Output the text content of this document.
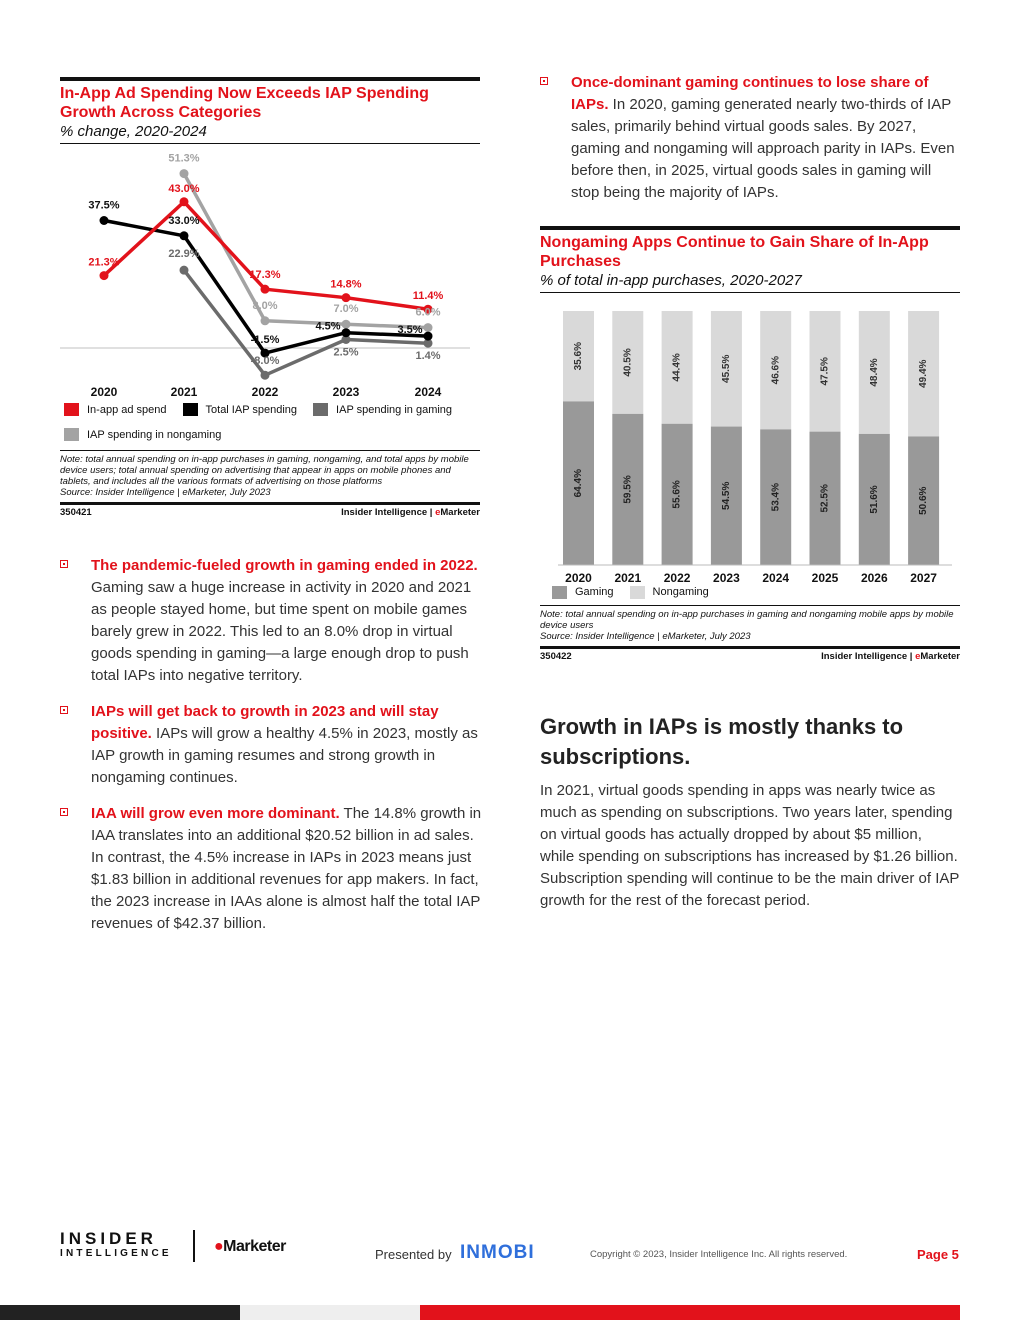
In-App Ad Spending Now Exceeds IAP Spending Growth Across Categories
% change, 2020-2024
2020	2021	2022	2023	2024
51.3%
8.0%	7.0%	6.0%
22.9%
-8.0%
2.5%	1.4%
37.5%
33.0%
-1.5%
4.5%	3.5%
21.3%
43.0%
17.3%
14.8%
11.4%
In-app ad spend	Total IAP spending	IAP spending in gaming
IAP spending in nongaming
Note: total annual spending on in-app purchases in gaming, nongaming, and total apps by mobile device users; total annual spending on advertising that appear in apps on mobile phones and tablets, and includes all the various formats of advertising on those platforms
Source: Insider Intelligence | eMarketer, July 2023
350421	Insider Intelligence | eMarketer
The pandemic-fueled growth in gaming ended in 2022. Gaming saw a huge increase in activity in 2020 and 2021 as people stayed home, but time spent on mobile games barely grew in 2022. This led to an 8.0% drop in virtual goods spending in gaming—a large enough drop to push total IAPs into negative territory.
IAPs will get back to growth in 2023 and will stay positive. IAPs will grow a healthy 4.5% in 2023, mostly as IAP growth in gaming resumes and strong growth in nongaming continues.
IAA will grow even more dominant. The 14.8% growth in IAA translates into an additional $20.52 billion in ad sales. In contrast, the 4.5% increase in IAPs in 2023 means just $1.83 billion in additional revenues for app makers. In fact, the 2023 increase in IAAs alone is almost half the total IAP revenues of $42.37 billion.
Once-dominant gaming continues to lose share of IAPs. In 2020, gaming generated nearly two-thirds of IAP sales, primarily behind virtual goods sales. By 2027, gaming and nongaming will approach parity in IAPs. Even before then, in 2025, virtual goods sales in gaming will stop being the majority of IAPs.
Nongaming Apps Continue to Gain Share of In-App Purchases
% of total in-app purchases, 2020-2027
35.6%
64.4%
2020
40.5%
59.5%
2021
44.4%
55.6%
2022
45.5%
54.5%
2023
46.6%
53.4%
2024
47.5%
52.5%
2025
48.4%
51.6%
2026
49.4%
50.6%
2027
Gaming	Nongaming
Note: total annual spending on in-app purchases in gaming and nongaming mobile apps by mobile device users
Source: Insider Intelligence | eMarketer, July 2023
350422	Insider Intelligence | eMarketer
Growth in IAPs is mostly thanks to subscriptions.
In 2021, virtual goods spending in apps was nearly twice as much as spending on subscriptions. Two years later, spending on virtual goods has actually dropped by about $5 million, while spending on subscriptions has increased by $1.26 billion. Subscription spending will continue to be the main driver of IAP growth for the rest of the forecast period.
INSIDER
INTELLIGENCE	●Marketer	Presented by INMOBI	Copyright © 2023, Insider Intelligence Inc. All rights reserved.	Page 5
